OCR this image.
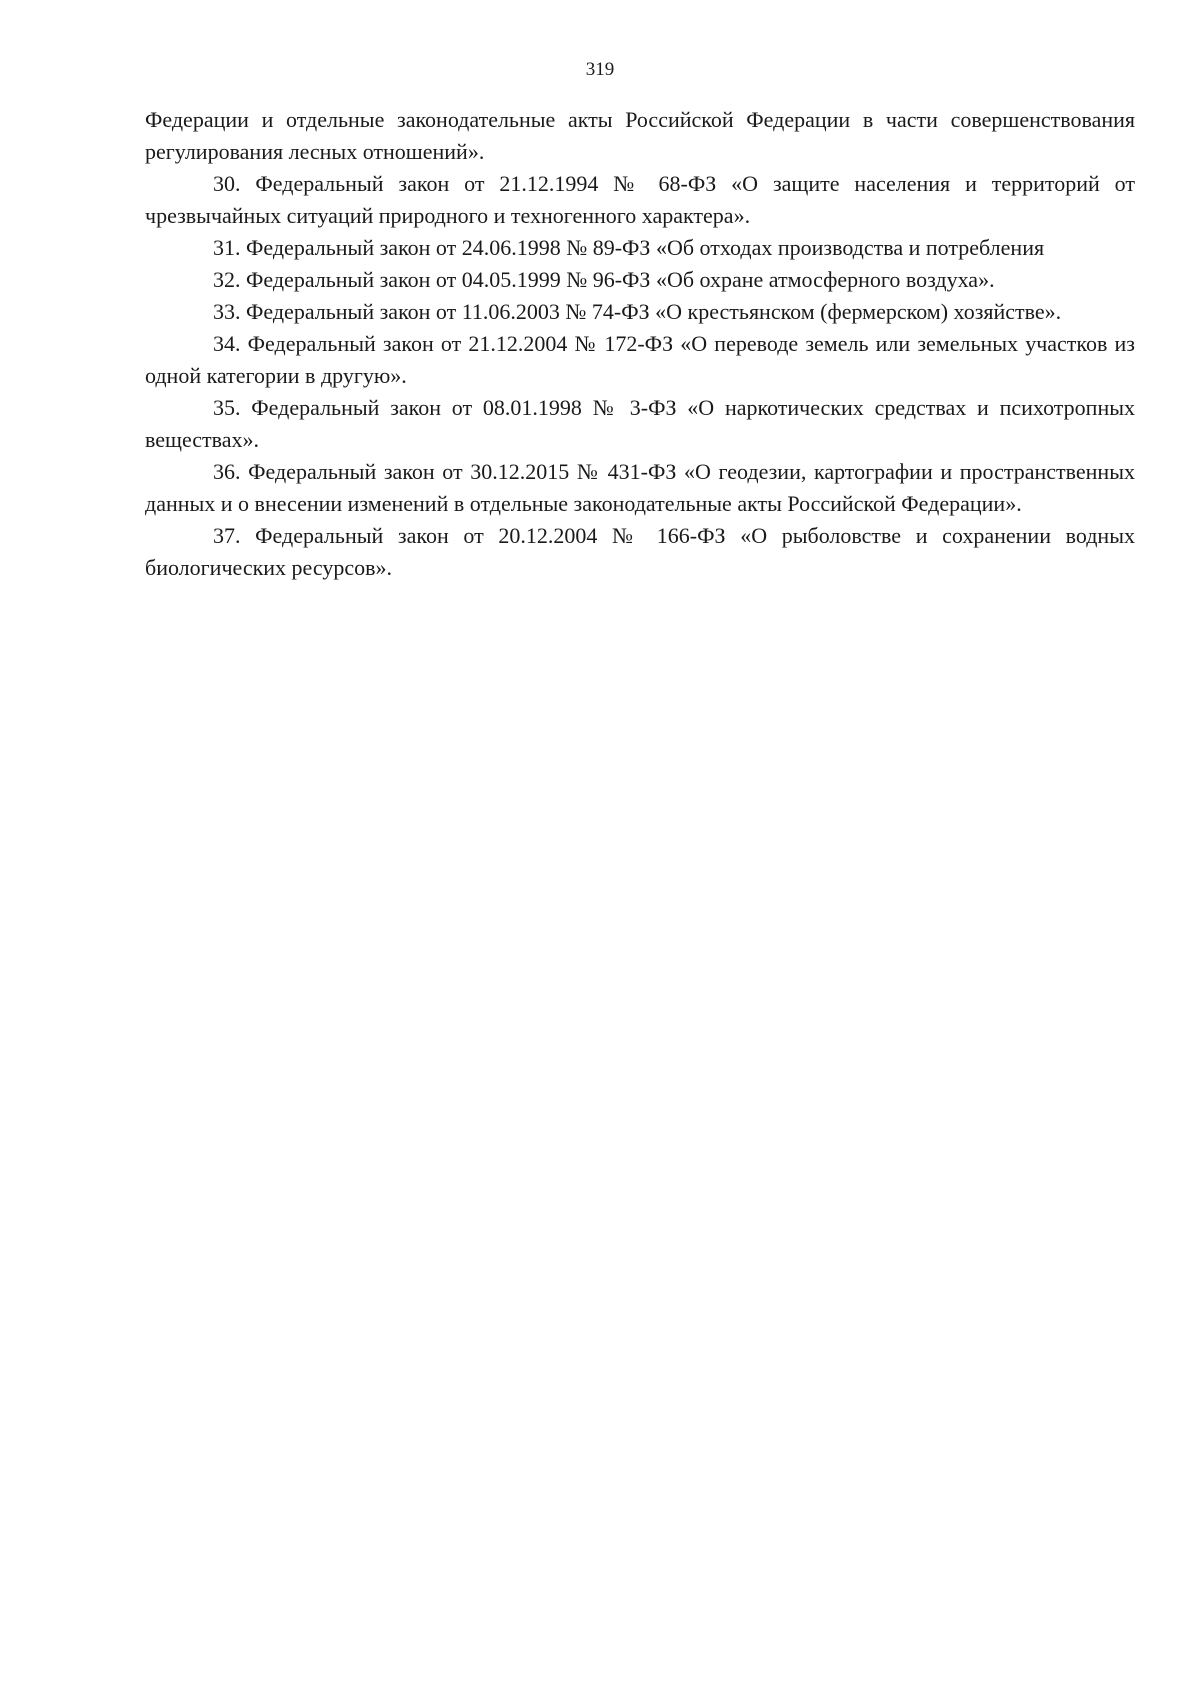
319

Федерации и отдельные законодательные акты Российской Федерации в части совершенствования регулирования лесных отношений».

30. Федеральный закон от 21.12.1994 № 68-ФЗ «О защите населения и территорий от чрезвычайных ситуаций природного и техногенного характера».

31. Федеральный закон от 24.06.1998 № 89-ФЗ «Об отходах производства и потребления

32. Федеральный закон от 04.05.1999 № 96-ФЗ «Об охране атмосферного воздуха».

33. Федеральный закон от 11.06.2003 № 74-ФЗ «О крестьянском (фермерском) хозяйстве».

34. Федеральный закон от 21.12.2004 № 172-ФЗ «О переводе земель или земельных участков из одной категории в другую».

35. Федеральный закон от 08.01.1998 № 3-ФЗ «О наркотических средствах и психотропных веществах».

36. Федеральный закон от 30.12.2015 № 431-ФЗ «О геодезии, картографии и пространственных данных и о внесении изменений в отдельные законодательные акты Российской Федерации».

37. Федеральный закон от 20.12.2004 № 166-ФЗ «О рыболовстве и сохранении водных биологических ресурсов».
